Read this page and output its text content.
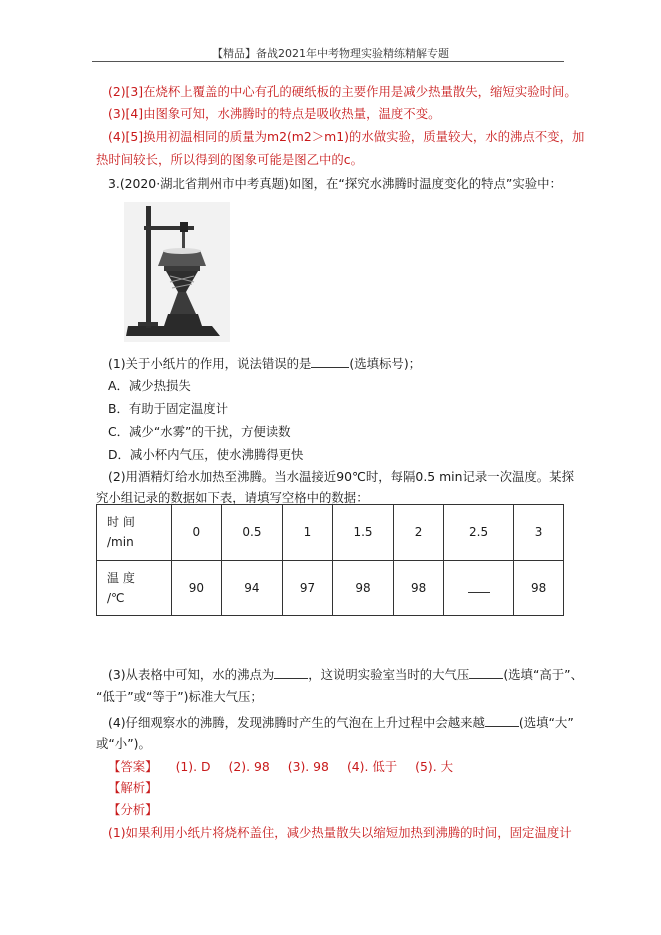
【精品】备战2021年中考物理实验精练精解专题
(2)[3]在烧杯上覆盖的中心有孔的硬纸板的主要作用是减少热量散失，缩短实验时间。
(3)[4]由图象可知，水沸腾时的特点是吸收热量，温度不变。
(4)[5]换用初温相同的质量为m2(m2＞m1)的水做实验，质量较大，水的沸点不变，加
热时间较长，所以得到的图象可能是图乙中的c。
3.(2020·湖北省荆州市中考真题)如图，在“探究水沸腾时温度变化的特点”实验中：
(1)关于小纸片的作用，说法错误的是	(选填标号)；
A．减少热损失
B．有助于固定温度计
C．减少“水雾”的干扰，方便读数
D．减小杯内气压，使水沸腾得更快
(2)用酒精灯给水加热至沸腾。当水温接近90℃时，每隔0.5 min记录一次温度。某探
究小组记录的数据如下表，请填写空格中的数据：
时 间
/min	0	0.5	1	1.5	2	2.5	3
温 度
/℃	90	94	97	98	98		98
(3)从表格中可知，水的沸点为	，这说明实验室当时的大气压	(选填“高于”、
“低于”或“等于”)标准大气压；
(4)仔细观察水的沸腾，发现沸腾时产生的气泡在上升过程中会越来越	(选填“大”
或“小”)。
【答案】 (1). D (2). 98 (3). 98 (4). 低于 (5). 大
【解析】
【分析】
(1)如果利用小纸片将烧杯盖住，减少热量散失以缩短加热到沸腾的时间，固定温度计
